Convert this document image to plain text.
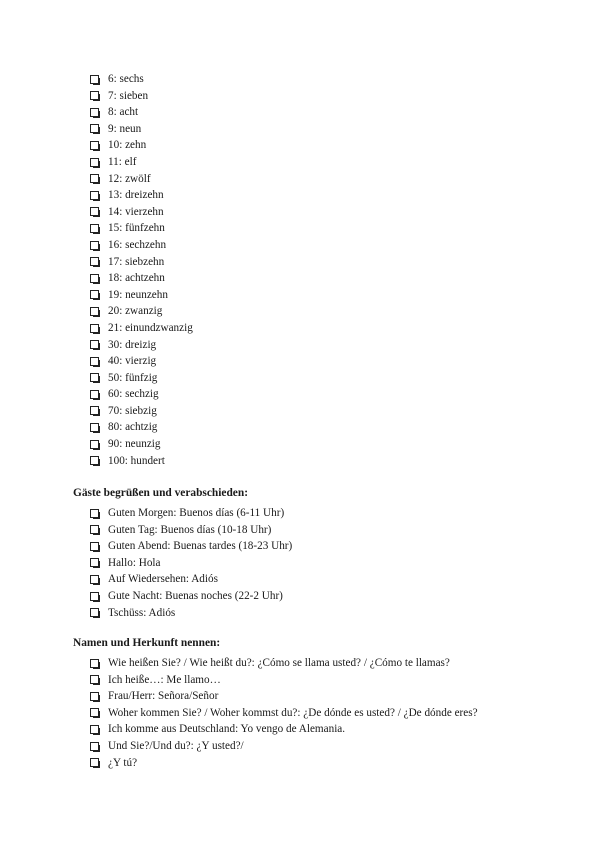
6: sechs
7: sieben
8: acht
9: neun
10: zehn
11: elf
12: zwölf
13: dreizehn
14: vierzehn
15: fünfzehn
16: sechzehn
17: siebzehn
18: achtzehn
19: neunzehn
20: zwanzig
21: einundzwanzig
30: dreizig
40: vierzig
50: fünfzig
60: sechzig
70: siebzig
80: achtzig
90: neunzig
100: hundert
Gäste begrüßen und verabschieden:
Guten Morgen: Buenos días (6-11 Uhr)
Guten Tag: Buenos días (10-18 Uhr)
Guten Abend: Buenas tardes (18-23 Uhr)
Hallo: Hola
Auf Wiedersehen: Adiós
Gute Nacht: Buenas noches (22-2 Uhr)
Tschüss: Adiós
Namen und Herkunft nennen:
Wie heißen Sie? / Wie heißt du?: ¿Cómo se llama usted? / ¿Cómo te llamas?
Ich heiße…: Me llamo…
Frau/Herr: Señora/Señor
Woher kommen Sie? / Woher kommst du?: ¿De dónde es usted? / ¿De dónde eres?
Ich komme aus Deutschland: Yo vengo de Alemania.
Und Sie?/Und du?: ¿Y usted?/
¿Y tú?
